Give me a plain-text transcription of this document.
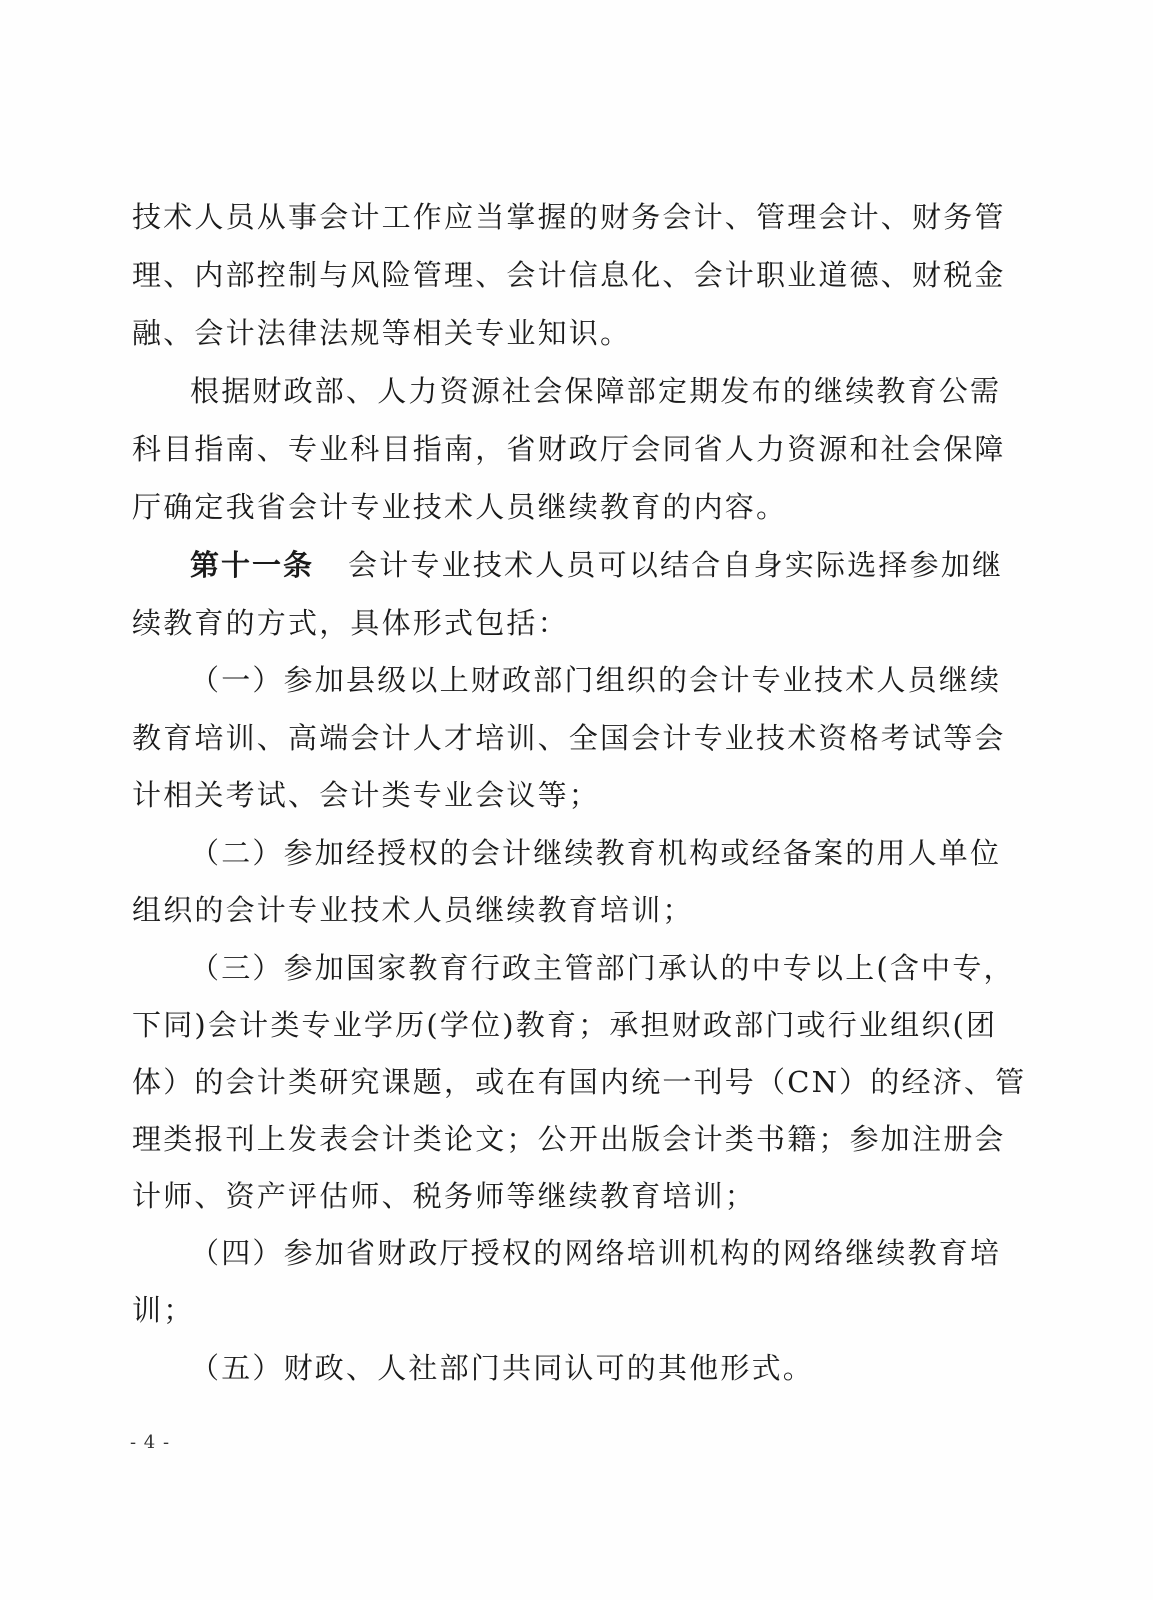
技术人员从事会计工作应当掌握的财务会计、管理会计、财务管
理、内部控制与风险管理、会计信息化、会计职业道德、财税金
融、会计法律法规等相关专业知识。
根据财政部、人力资源社会保障部定期发布的继续教育公需
科目指南、专业科目指南，省财政厅会同省人力资源和社会保障
厅确定我省会计专业技术人员继续教育的内容。
第十一条 会计专业技术人员可以结合自身实际选择参加继
续教育的方式，具体形式包括：
（一）参加县级以上财政部门组织的会计专业技术人员继续
教育培训、高端会计人才培训、全国会计专业技术资格考试等会
计相关考试、会计类专业会议等；
（二）参加经授权的会计继续教育机构或经备案的用人单位
组织的会计专业技术人员继续教育培训；
（三）参加国家教育行政主管部门承认的中专以上(含中专，
下同)会计类专业学历(学位)教育；承担财政部门或行业组织(团
体）的会计类研究课题，或在有国内统一刊号（CN）的经济、管
理类报刊上发表会计类论文；公开出版会计类书籍；参加注册会
计师、资产评估师、税务师等继续教育培训；
（四）参加省财政厅授权的网络培训机构的网络继续教育培
训；
（五）财政、人社部门共同认可的其他形式。
- 4 -
